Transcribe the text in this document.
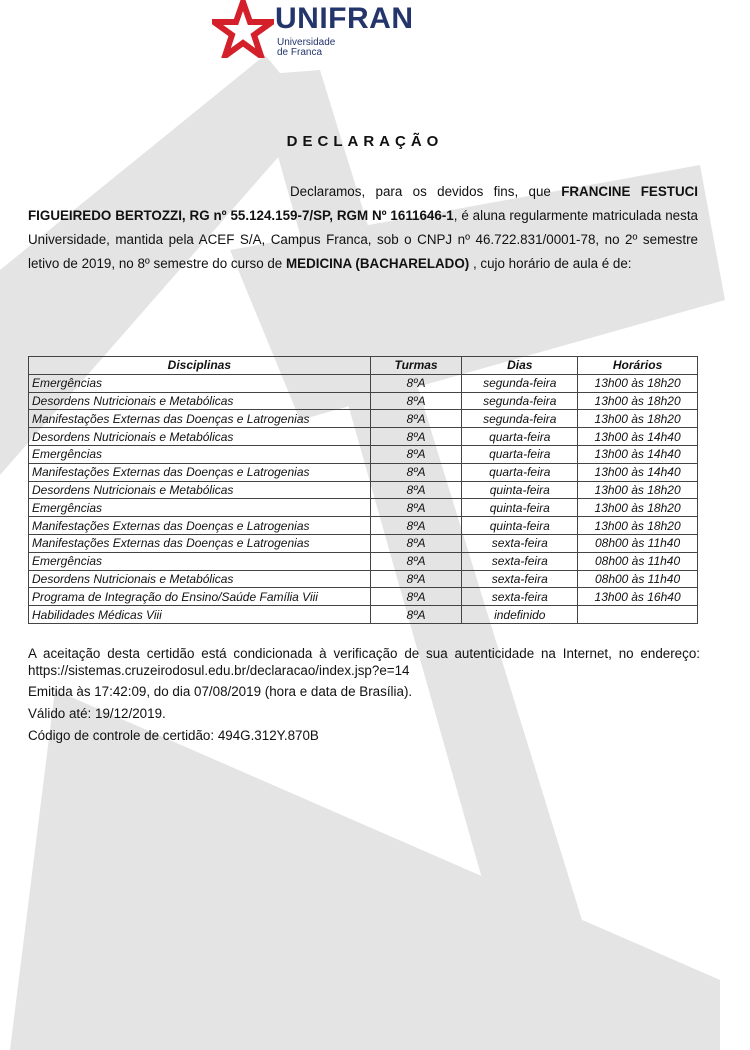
UNIFRAN
Universidade
de Franca
DECLARAÇÃO
Declaramos, para os devidos fins, que FRANCINE FESTUCI FIGUEIREDO BERTOZZI, RG nº 55.124.159-7/SP, RGM Nº 1611646-1, é aluna regularmente matriculada nesta Universidade, mantida pela ACEF S/A, Campus Franca, sob o CNPJ nº 46.722.831/0001-78, no 2º semestre letivo de 2019, no 8º semestre do curso de MEDICINA (BACHARELADO) , cujo horário de aula é de:
Disciplinas	Turmas	Dias	Horários
Emergências	8ºA	segunda-feira	13h00 às 18h20
Desordens Nutricionais e Metabólicas	8ºA	segunda-feira	13h00 às 18h20
Manifestações Externas das Doenças e Latrogenias	8ºA	segunda-feira	13h00 às 18h20
Desordens Nutricionais e Metabólicas	8ºA	quarta-feira	13h00 às 14h40
Emergências	8ºA	quarta-feira	13h00 às 14h40
Manifestações Externas das Doenças e Latrogenias	8ºA	quarta-feira	13h00 às 14h40
Desordens Nutricionais e Metabólicas	8ºA	quinta-feira	13h00 às 18h20
Emergências	8ºA	quinta-feira	13h00 às 18h20
Manifestações Externas das Doenças e Latrogenias	8ºA	quinta-feira	13h00 às 18h20
Manifestações Externas das Doenças e Latrogenias	8ºA	sexta-feira	08h00 às 11h40
Emergências	8ºA	sexta-feira	08h00 às 11h40
Desordens Nutricionais e Metabólicas	8ºA	sexta-feira	08h00 às 11h40
Programa de Integração do Ensino/Saúde Família Viii	8ºA	sexta-feira	13h00 às 16h40
Habilidades Médicas Viii	8ºA	indefinido	

A aceitação desta certidão está condicionada à verificação de sua autenticidade na Internet, no endereço: https://sistemas.cruzeirodosul.edu.br/declaracao/index.jsp?e=14

Emitida às 17:42:09, do dia 07/08/2019 (hora e data de Brasília).

Válido até: 19/12/2019.

Código de controle de certidão: 494G.312Y.870B
